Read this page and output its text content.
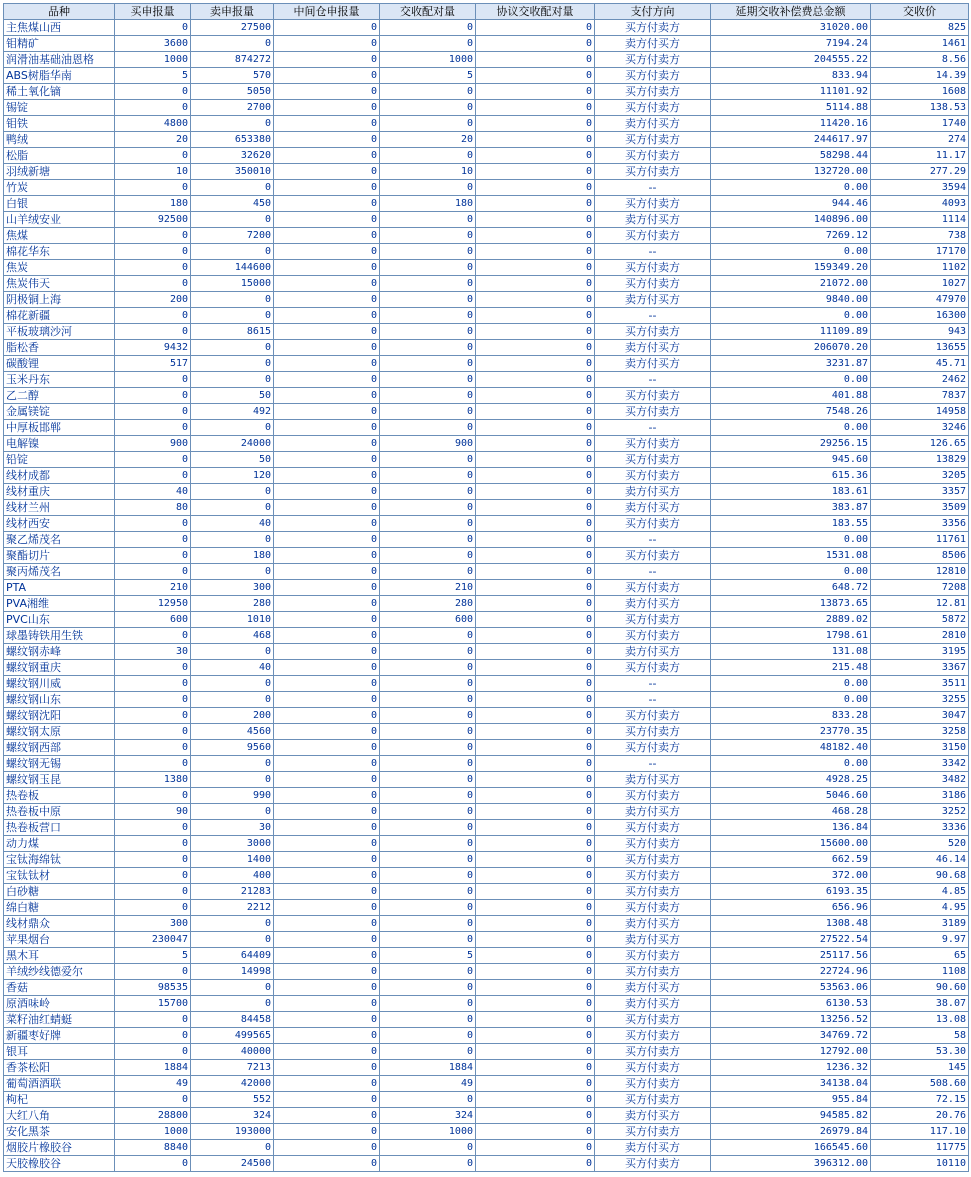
品种	买申报量	卖申报量	中间仓申报量	交收配对量	协议交收配对量	支付方向	延期交收补偿费总金额	交收价
主焦煤山西	0	27500	0	0	0	买方付卖方	31020.00	825
钼精矿	3600	0	0	0	0	卖方付买方	7194.24	1461
润滑油基础油恩格	1000	874272	0	1000	0	买方付卖方	204555.22	8.56
ABS树脂华南	5	570	0	5	0	买方付卖方	833.94	14.39
稀土氧化镝	0	5050	0	0	0	买方付卖方	11101.92	1608
锡锭	0	2700	0	0	0	买方付卖方	5114.88	138.53
钼铁	4800	0	0	0	0	卖方付买方	11420.16	1740
鸭绒	20	653380	0	20	0	买方付卖方	244617.97	274
松脂	0	32620	0	0	0	买方付卖方	58298.44	11.17
羽绒新塘	10	350010	0	10	0	买方付卖方	132720.00	277.29
竹炭	0	0	0	0	0	--	0.00	3594
白银	180	450	0	180	0	买方付卖方	944.46	4093
山羊绒安业	92500	0	0	0	0	卖方付买方	140896.00	1114
焦煤	0	7200	0	0	0	买方付卖方	7269.12	738
棉花华东	0	0	0	0	0	--	0.00	17170
焦炭	0	144600	0	0	0	买方付卖方	159349.20	1102
焦炭伟天	0	15000	0	0	0	买方付卖方	21072.00	1027
阴极铜上海	200	0	0	0	0	卖方付买方	9840.00	47970
棉花新疆	0	0	0	0	0	--	0.00	16300
平板玻璃沙河	0	8615	0	0	0	买方付卖方	11109.89	943
脂松香	9432	0	0	0	0	卖方付买方	206070.20	13655
碳酸锂	517	0	0	0	0	卖方付买方	3231.87	45.71
玉米丹东	0	0	0	0	0	--	0.00	2462
乙二醇	0	50	0	0	0	买方付卖方	401.88	7837
金属镁锭	0	492	0	0	0	买方付卖方	7548.26	14958
中厚板邯郸	0	0	0	0	0	--	0.00	3246
电解镍	900	24000	0	900	0	买方付卖方	29256.15	126.65
铅锭	0	50	0	0	0	买方付卖方	945.60	13829
线材成都	0	120	0	0	0	买方付卖方	615.36	3205
线材重庆	40	0	0	0	0	卖方付买方	183.61	3357
线材兰州	80	0	0	0	0	卖方付买方	383.87	3509
线材西安	0	40	0	0	0	买方付卖方	183.55	3356
聚乙烯茂名	0	0	0	0	0	--	0.00	11761
聚酯切片	0	180	0	0	0	买方付卖方	1531.08	8506
聚丙烯茂名	0	0	0	0	0	--	0.00	12810
PTA	210	300	0	210	0	买方付卖方	648.72	7208
PVA湘维	12950	280	0	280	0	卖方付买方	13873.65	12.81
PVC山东	600	1010	0	600	0	买方付卖方	2889.02	5872
球墨铸铁用生铁	0	468	0	0	0	买方付卖方	1798.61	2810
螺纹钢赤峰	30	0	0	0	0	卖方付买方	131.08	3195
螺纹钢重庆	0	40	0	0	0	买方付卖方	215.48	3367
螺纹钢川威	0	0	0	0	0	--	0.00	3511
螺纹钢山东	0	0	0	0	0	--	0.00	3255
螺纹钢沈阳	0	200	0	0	0	买方付卖方	833.28	3047
螺纹钢太原	0	4560	0	0	0	买方付卖方	23770.35	3258
螺纹钢西部	0	9560	0	0	0	买方付卖方	48182.40	3150
螺纹钢无锡	0	0	0	0	0	--	0.00	3342
螺纹钢玉昆	1380	0	0	0	0	卖方付买方	4928.25	3482
热卷板	0	990	0	0	0	买方付卖方	5046.60	3186
热卷板中原	90	0	0	0	0	卖方付买方	468.28	3252
热卷板营口	0	30	0	0	0	买方付卖方	136.84	3336
动力煤	0	3000	0	0	0	买方付卖方	15600.00	520
宝钛海绵钛	0	1400	0	0	0	买方付卖方	662.59	46.14
宝钛钛材	0	400	0	0	0	买方付卖方	372.00	90.68
白砂糖	0	21283	0	0	0	买方付卖方	6193.35	4.85
绵白糖	0	2212	0	0	0	买方付卖方	656.96	4.95
线材鼎众	300	0	0	0	0	卖方付买方	1308.48	3189
苹果烟台	230047	0	0	0	0	卖方付买方	27522.54	9.97
黑木耳	5	64409	0	5	0	买方付卖方	25117.56	65
羊绒纱线德爱尔	0	14998	0	0	0	买方付卖方	22724.96	1108
香菇	98535	0	0	0	0	卖方付买方	53563.06	90.60
原酒味岭	15700	0	0	0	0	卖方付买方	6130.53	38.07
菜籽油红蜻蜓	0	84458	0	0	0	买方付卖方	13256.52	13.08
新疆枣好牌	0	499565	0	0	0	买方付卖方	34769.72	58
银耳	0	40000	0	0	0	买方付卖方	12792.00	53.30
香茶松阳	1884	7213	0	1884	0	买方付卖方	1236.32	145
葡萄酒酒联	49	42000	0	49	0	买方付卖方	34138.04	508.60
枸杞	0	552	0	0	0	买方付卖方	955.84	72.15
大红八角	28800	324	0	324	0	卖方付买方	94585.82	20.76
安化黑茶	1000	193000	0	1000	0	买方付卖方	26979.84	117.10
烟胶片橡胶谷	8840	0	0	0	0	卖方付买方	166545.60	11775
天胶橡胶谷	0	24500	0	0	0	买方付卖方	396312.00	10110
